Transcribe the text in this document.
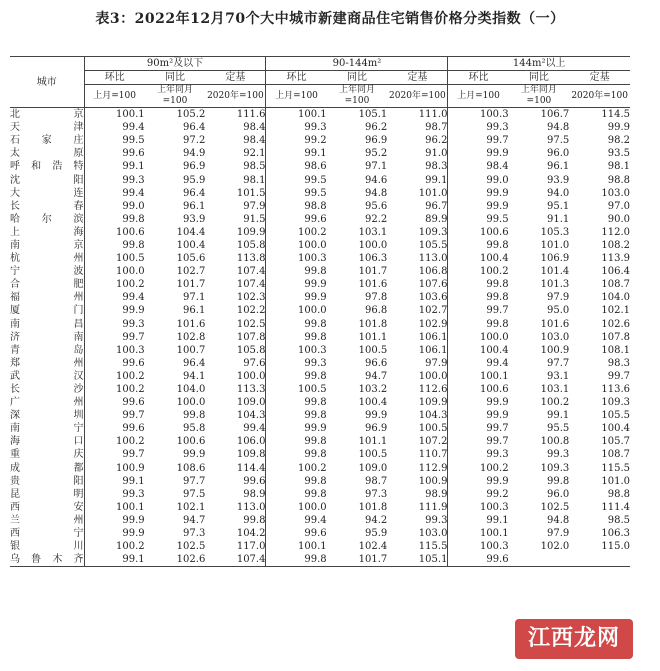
表3：2022年12月70个大中城市新建商品住宅销售价格分类指数（一）
城市	90m²及以下			90-144m²			144m²以上		
	环比	同比	定基	环比	同比	定基	环比	同比	定基
	上月=100	上年同月=100	2020年=100	上月=100	上年同月=100	2020年=100	上月=100	上年同月=100	2020年=100
北京	100.1	105.2	111.6	100.1	105.1	111.0	100.3	106.7	114.5
天津	99.4	96.4	98.4	99.3	96.2	98.7	99.3	94.8	99.9
石家庄	99.5	97.2	98.4	99.2	96.9	96.2	99.7	97.5	98.2
太原	99.6	94.9	92.1	99.1	95.2	91.0	99.9	96.0	93.5
呼和浩特	99.1	96.9	98.5	98.6	97.1	98.3	98.4	96.1	98.1
沈阳	99.3	95.9	98.1	99.5	94.6	99.1	99.0	93.9	98.8
大连	99.4	96.4	101.5	99.5	94.8	101.0	99.9	94.0	103.0
长春	99.0	96.1	97.9	98.8	95.6	96.7	99.9	95.1	97.0
哈尔滨	99.8	93.9	91.5	99.6	92.2	89.9	99.5	91.1	90.0
上海	100.6	104.4	109.9	100.2	103.1	109.3	100.6	105.3	112.0
南京	99.8	100.4	105.8	100.0	100.0	105.5	99.8	101.0	108.2
杭州	100.5	105.6	113.8	100.3	106.3	113.0	100.4	106.9	113.9
宁波	100.0	102.7	107.4	99.8	101.7	106.8	100.2	101.4	106.4
合肥	100.2	101.7	107.4	99.9	101.6	107.6	99.8	101.3	108.7
福州	99.4	97.1	102.3	99.9	97.8	103.6	99.8	97.9	104.0
厦门	99.9	96.1	102.2	100.0	96.8	102.7	99.7	95.0	102.1
南昌	99.3	101.6	102.5	99.8	101.8	102.9	99.8	101.6	102.6
济南	99.7	102.8	107.8	99.8	101.1	106.1	100.0	103.0	107.8
青岛	100.3	100.7	105.8	100.3	100.5	106.1	100.4	100.9	108.1
郑州	99.6	96.4	97.6	99.3	96.6	97.9	99.4	97.7	98.3
武汉	100.2	94.1	100.0	99.8	94.7	100.0	100.1	93.1	99.7
长沙	100.2	104.0	113.3	100.5	103.2	112.6	100.6	103.1	113.6
广州	99.6	100.0	109.0	99.8	100.4	109.9	99.9	100.2	109.3
深圳	99.7	99.8	104.3	99.8	99.9	104.3	99.9	99.1	105.5
南宁	99.6	95.8	99.4	99.9	96.9	100.5	99.7	95.5	100.4
海口	100.2	100.6	106.0	99.8	101.1	107.2	99.7	100.8	105.7
重庆	99.7	99.9	109.8	99.8	100.5	110.7	99.3	99.3	108.7
成都	100.9	108.6	114.4	100.2	109.0	112.9	100.2	109.3	115.5
贵阳	99.1	97.7	99.6	99.8	98.7	100.9	99.9	99.8	101.0
昆明	99.3	97.5	98.9	99.8	97.3	98.9	99.2	96.0	98.8
西安	100.1	102.1	113.0	100.0	101.8	111.9	100.3	102.5	111.4
兰州	99.9	94.7	99.8	99.4	94.2	99.3	99.1	94.8	98.5
西宁	99.9	97.3	104.2	99.6	95.9	103.0	100.1	97.9	106.3
银川	100.2	102.5	117.0	100.1	102.4	115.5	100.3	102.0	115.0
乌鲁木齐	99.1	102.6	107.4	99.8	101.7	105.1	99.6		
江西龙网
